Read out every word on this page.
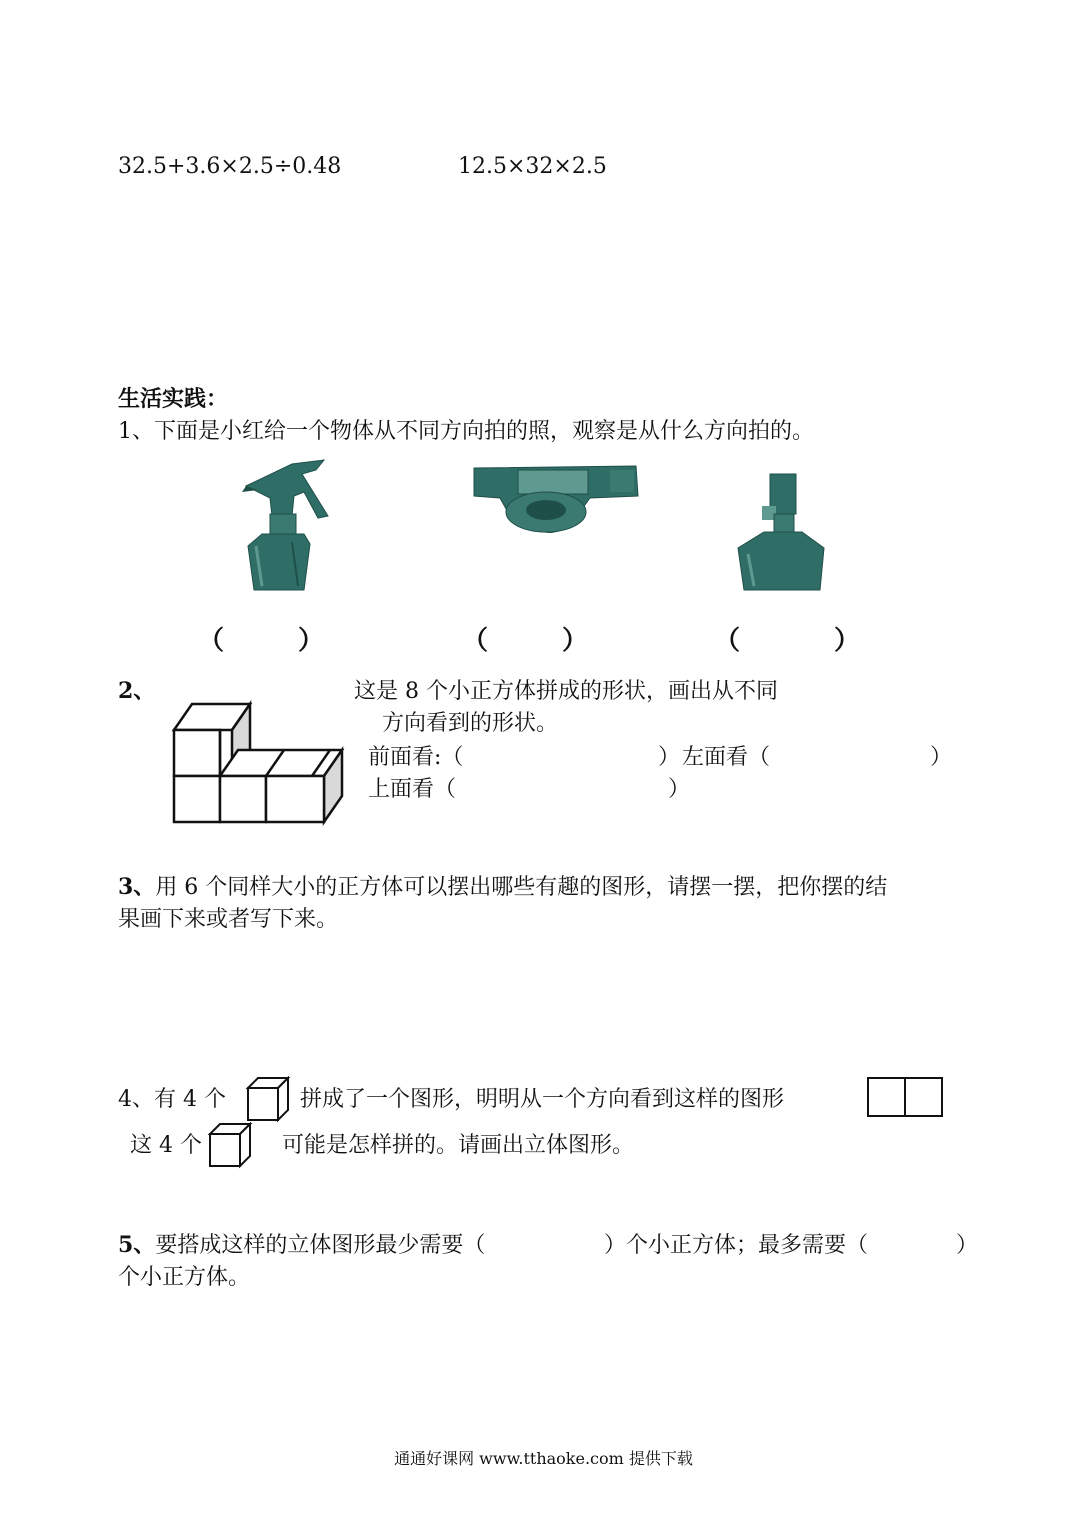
32.5+3.6×2.5÷0.48	12.5×32×2.5
生活实践：
1、下面是小红给一个物体从不同方向拍的照，观察是从什么方向拍的。
（	）	（	）	（	）
2、	这是 8 个小正方体拼成的形状，画出从不同
方向看到的形状。
前面看:（	） 左面看（	）
上面看（	）
3、用 6 个同样大小的正方体可以摆出哪些有趣的图形，请摆一摆，把你摆的结
果画下来或者写下来。
4、有 4 个	拼成了一个图形，明明从一个方向看到这样的图形
这 4 个	可能是怎样拼的。请画出立体图形。
5、要搭成这样的立体图形最少需要（	）个小正方体；最多需要（	）
个小正方体。
通通好课网 www.tthaoke.com 提供下载
